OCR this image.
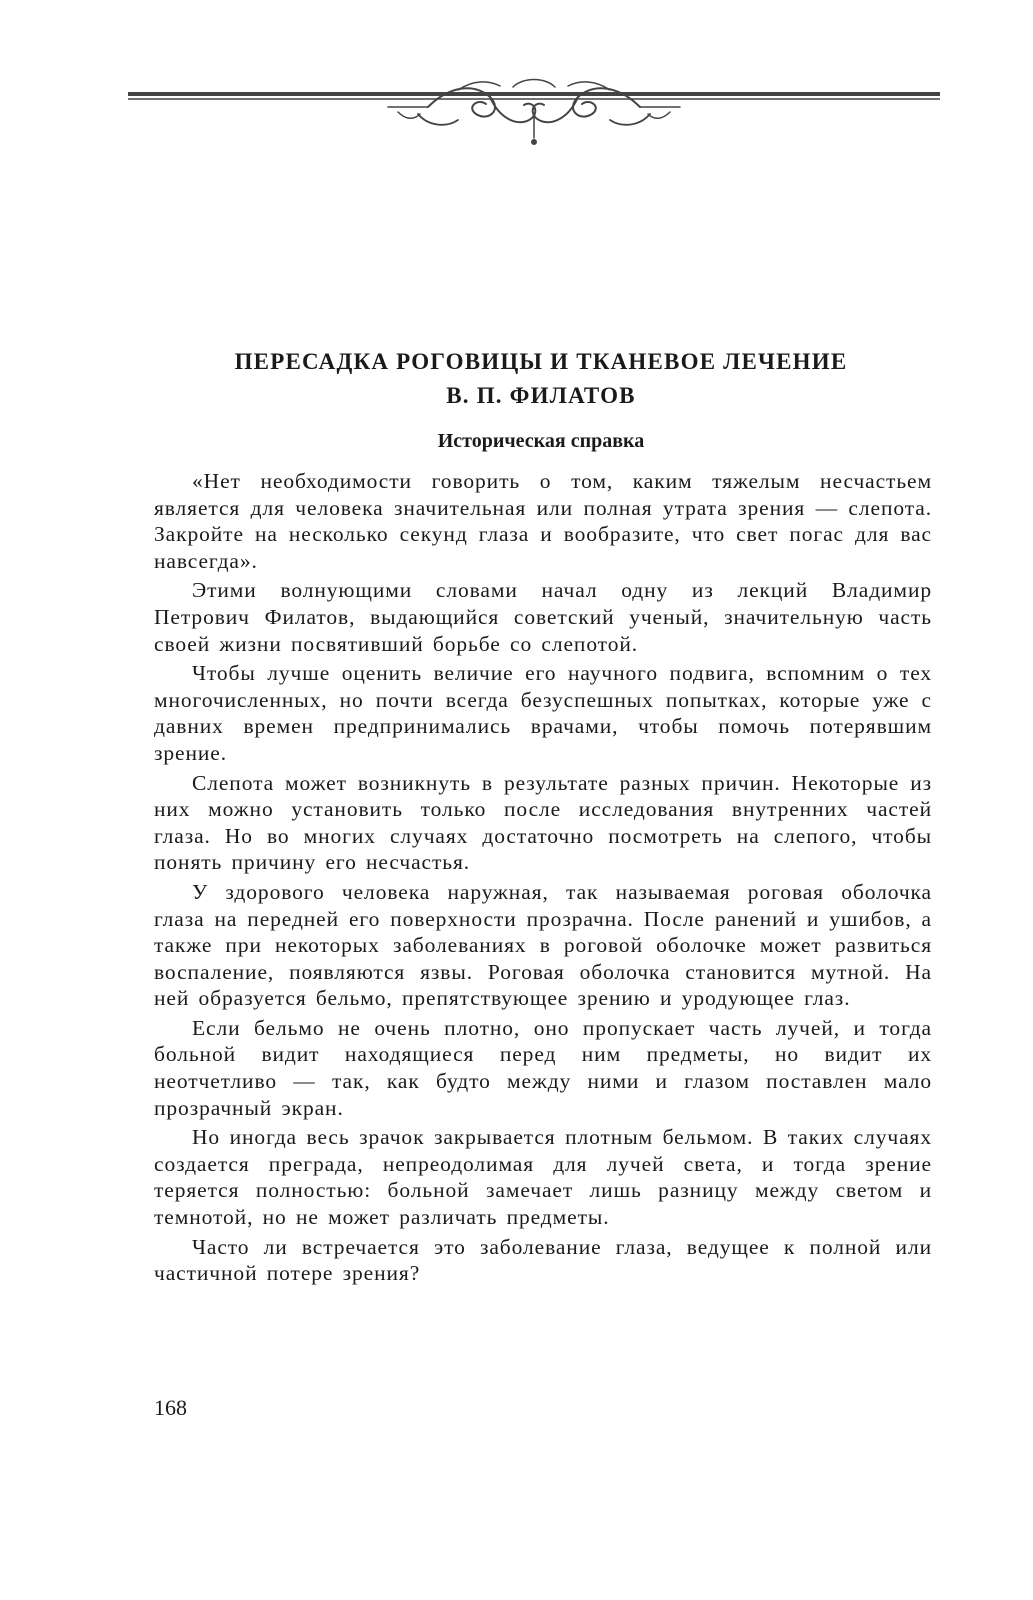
ПЕРЕСАДКА РОГОВИЦЫ И ТКАНЕВОЕ ЛЕЧЕНИЕ
В. П. ФИЛАТОВ
Историческая справка

«Нет необходимости говорить о том, каким тяжелым несчастьем является для человека значительная или полная утрата зрения — слепота. Закройте на несколько секунд глаза и вообразите, что свет погас для вас навсегда».

Этими волнующими словами начал одну из лекций Владимир Петрович Филатов, выдающийся советский ученый, значительную часть своей жизни посвятивший борьбе со слепотой.

Чтобы лучше оценить величие его научного подвига, вспомним о тех многочисленных, но почти всегда безуспешных попытках, которые уже с давних времен предпринимались врачами, чтобы помочь потерявшим зрение.

Слепота может возникнуть в результате разных причин. Некоторые из них можно установить только после исследования внутренних частей глаза. Но во многих случаях достаточно посмотреть на слепого, чтобы понять причину его несчастья.

У здорового человека наружная, так называемая роговая оболочка глаза на передней его поверхности прозрачна. После ранений и ушибов, а также при некоторых заболеваниях в роговой оболочке может развиться воспаление, появляются язвы. Роговая оболочка становится мутной. На ней образуется бельмо, препятствующее зрению и уродующее глаз.

Если бельмо не очень плотно, оно пропускает часть лучей, и тогда больной видит находящиеся перед ним предметы, но видит их неотчетливо — так, как будто между ними и глазом поставлен мало прозрачный экран.

Но иногда весь зрачок закрывается плотным бельмом. В таких случаях создается преграда, непреодолимая для лучей света, и тогда зрение теряется полностью: больной замечает лишь разницу между светом и темнотой, но не может различать предметы.

Часто ли встречается это заболевание глаза, ведущее к полной или частичной потере зрения?

168
